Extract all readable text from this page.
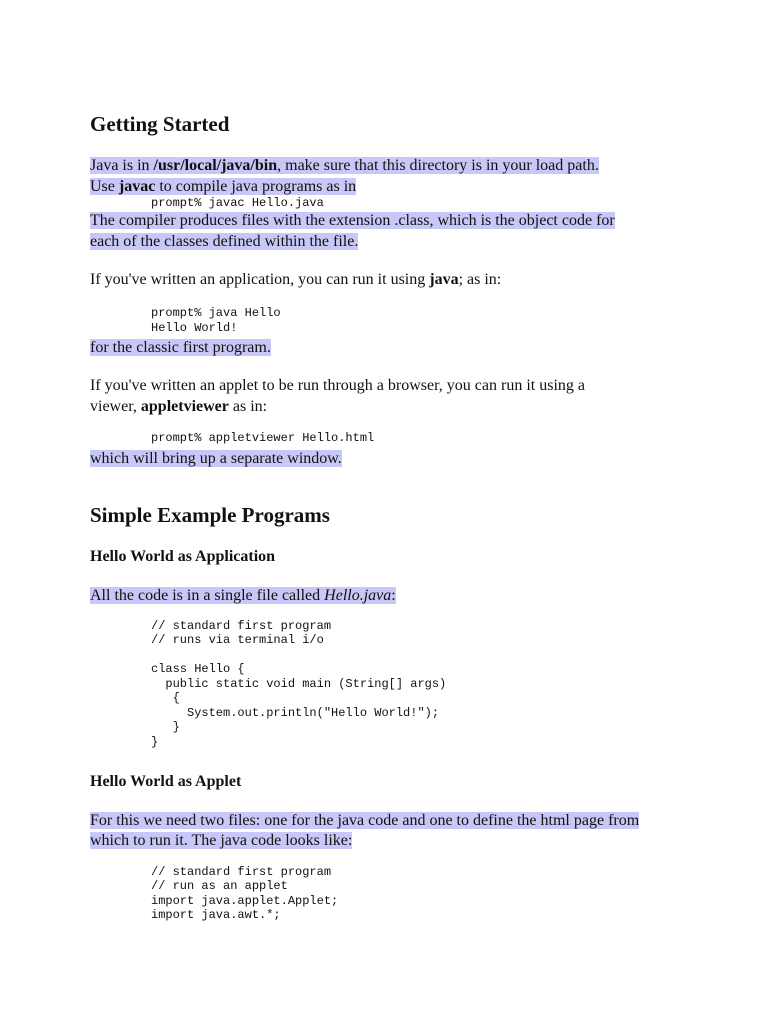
Getting Started
Java is in /usr/local/java/bin, make sure that this directory is in your load path.
Use javac to compile java programs as in
prompt% javac Hello.java
The compiler produces files with the extension .class, which is the object code for
each of the classes defined within the file.
If you've written an application, you can run it using java; as in:
prompt% java Hello
Hello World!
for the classic first program.
If you've written an applet to be run through a browser, you can run it using a
viewer, appletviewer as in:
prompt% appletviewer Hello.html
which will bring up a separate window.
Simple Example Programs
Hello World as Application
All the code is in a single file called Hello.java:

// standard first program
// runs via terminal i/o
class Hello {
public static void main (String[] args)
{
System.out.println("Hello World!");
}
}
Hello World as Applet
For this we need two files: one for the java code and one to define the html page from
which to run it. The java code looks like:

// standard first program
// run as an applet
import java.applet.Applet;
import java.awt.*;
